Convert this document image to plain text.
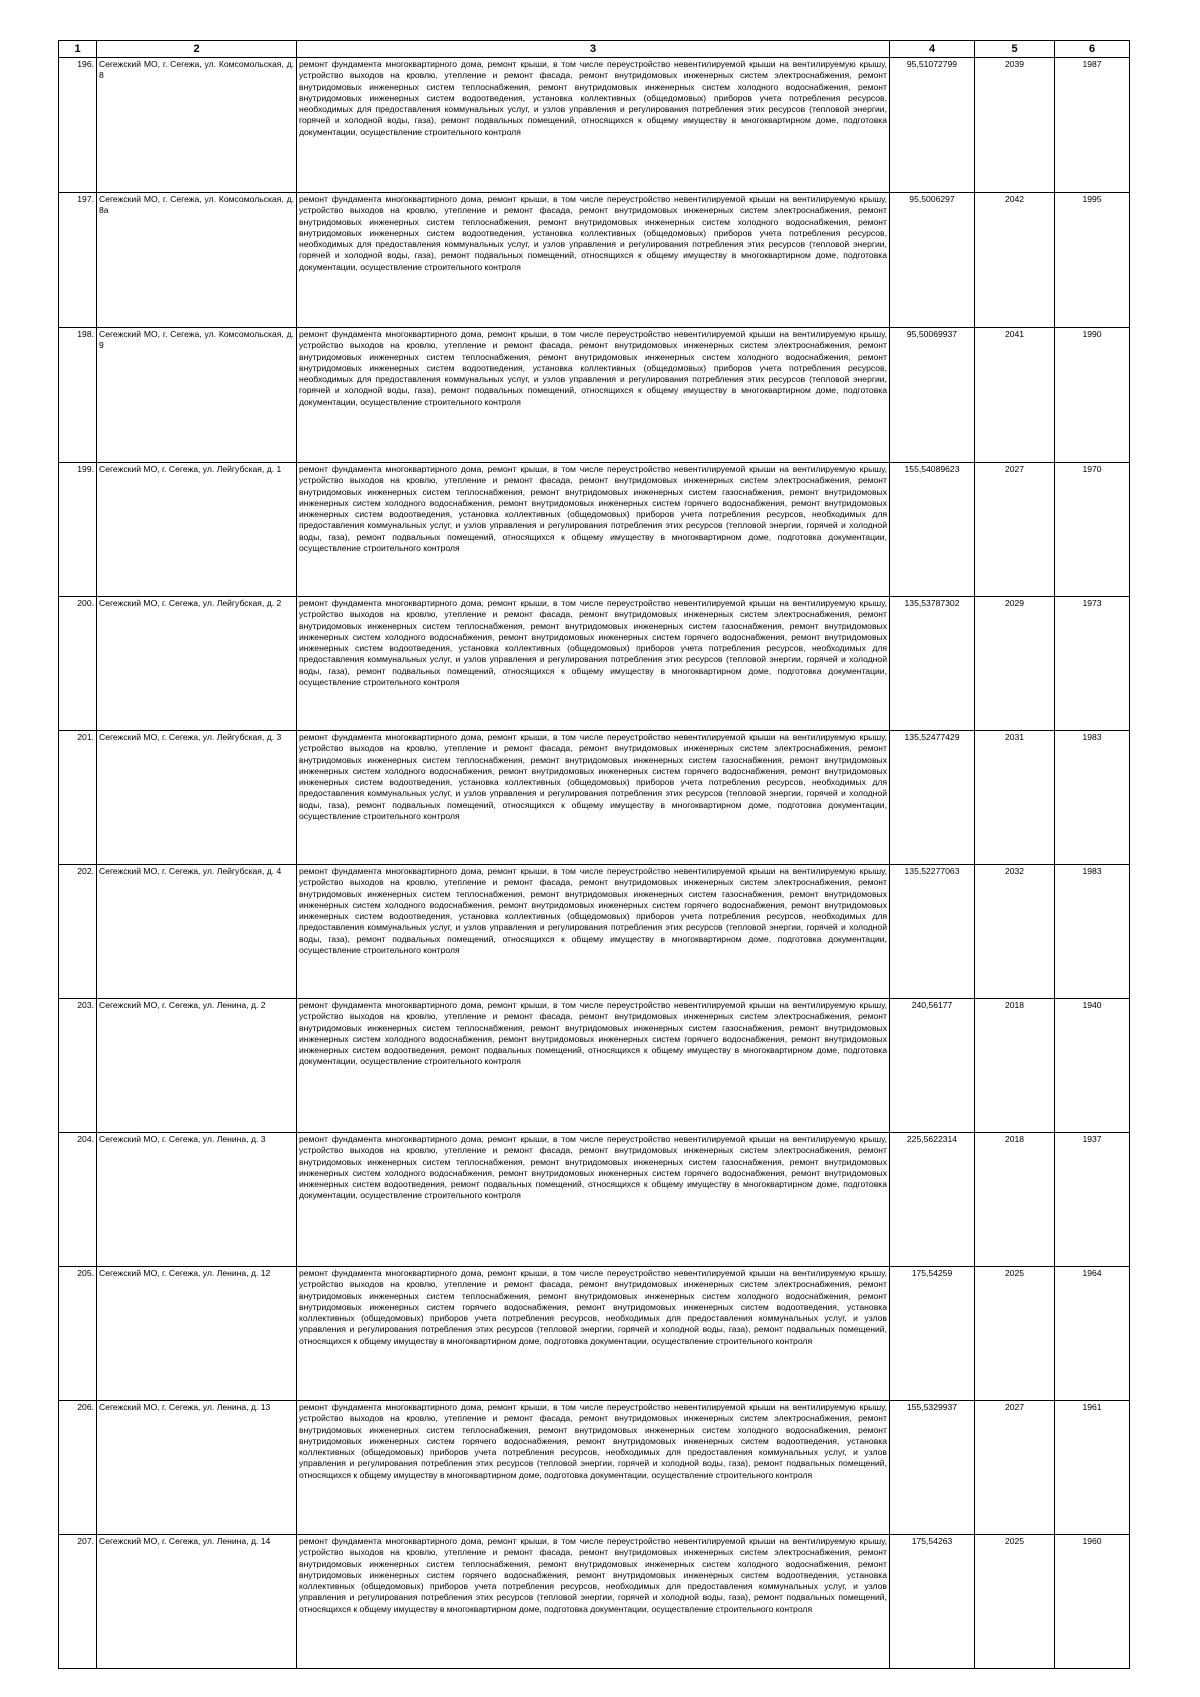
1	2	3	4	5	6
196.	Сегежский МО, г. Сегежа, ул. Комсомольская, д. 8	ремонт фундамента многоквартирного дома, ремонт крыши, в том числе переустройство невентилируемой крыши на вентилируемую крышу, устройство выходов на кровлю, утепление и ремонт фасада, ремонт внутридомовых инженерных систем электроснабжения, ремонт внутридомовых инженерных систем теплоснабжения, ремонт внутридомовых инженерных систем холодного водоснабжения, ремонт внутридомовых инженерных систем водоотведения, установка коллективных (общедомовых) приборов учета потребления ресурсов, необходимых для предоставления коммунальных услуг, и узлов управления и регулирования потребления этих ресурсов (тепловой энергии, горячей и холодной воды, газа), ремонт подвальных помещений, относящихся к общему имуществу в многоквартирном доме, подготовка документации, осуществление строительного контроля	95,51072799	2039	1987
197.	Сегежский МО, г. Сегежа, ул. Комсомольская, д. 8а	ремонт фундамента многоквартирного дома, ремонт крыши, в том числе переустройство невентилируемой крыши на вентилируемую крышу, устройство выходов на кровлю, утепление и ремонт фасада, ремонт внутридомовых инженерных систем электроснабжения, ремонт внутридомовых инженерных систем теплоснабжения, ремонт внутридомовых инженерных систем холодного водоснабжения, ремонт внутридомовых инженерных систем водоотведения, установка коллективных (общедомовых) приборов учета потребления ресурсов, необходимых для предоставления коммунальных услуг, и узлов управления и регулирования потребления этих ресурсов (тепловой энергии, горячей и холодной воды, газа), ремонт подвальных помещений, относящихся к общему имуществу в многоквартирном доме, подготовка документации, осуществление строительного контроля	95,5006297	2042	1995
198.	Сегежский МО, г. Сегежа, ул. Комсомольская, д. 9	ремонт фундамента многоквартирного дома, ремонт крыши, в том числе переустройство невентилируемой крыши на вентилируемую крышу, устройство выходов на кровлю, утепление и ремонт фасада, ремонт внутридомовых инженерных систем электроснабжения, ремонт внутридомовых инженерных систем теплоснабжения, ремонт внутридомовых инженерных систем холодного водоснабжения, ремонт внутридомовых инженерных систем водоотведения, установка коллективных (общедомовых) приборов учета потребления ресурсов, необходимых для предоставления коммунальных услуг, и узлов управления и регулирования потребления этих ресурсов (тепловой энергии, горячей и холодной воды, газа), ремонт подвальных помещений, относящихся к общему имуществу в многоквартирном доме, подготовка документации, осуществление строительного контроля	95,50069937	2041	1990
199.	Сегежский МО, г. Сегежа, ул. Лейгубская, д. 1	ремонт фундамента многоквартирного дома, ремонт крыши, в том числе переустройство невентилируемой крыши на вентилируемую крышу, устройство выходов на кровлю, утепление и ремонт фасада, ремонт внутридомовых инженерных систем электроснабжения, ремонт внутридомовых инженерных систем теплоснабжения, ремонт внутридомовых инженерных систем газоснабжения, ремонт внутридомовых инженерных систем холодного водоснабжения, ремонт внутридомовых инженерных систем горячего водоснабжения, ремонт внутридомовых инженерных систем водоотведения, установка коллективных (общедомовых) приборов учета потребления ресурсов, необходимых для предоставления коммунальных услуг, и узлов управления и регулирования потребления этих ресурсов (тепловой энергии, горячей и холодной воды, газа), ремонт подвальных помещений, относящихся к общему имуществу в многоквартирном доме, подготовка документации, осуществление строительного контроля	155,54089623	2027	1970
200.	Сегежский МО, г. Сегежа, ул. Лейгубская, д. 2	ремонт фундамента многоквартирного дома, ремонт крыши, в том числе переустройство невентилируемой крыши на вентилируемую крышу, устройство выходов на кровлю, утепление и ремонт фасада, ремонт внутридомовых инженерных систем электроснабжения, ремонт внутридомовых инженерных систем теплоснабжения, ремонт внутридомовых инженерных систем газоснабжения, ремонт внутридомовых инженерных систем холодного водоснабжения, ремонт внутридомовых инженерных систем горячего водоснабжения, ремонт внутридомовых инженерных систем водоотведения, установка коллективных (общедомовых) приборов учета потребления ресурсов, необходимых для предоставления коммунальных услуг, и узлов управления и регулирования потребления этих ресурсов (тепловой энергии, горячей и холодной воды, газа), ремонт подвальных помещений, относящихся к общему имуществу в многоквартирном доме, подготовка документации, осуществление строительного контроля	135,53787302	2029	1973
201.	Сегежский МО, г. Сегежа, ул. Лейгубская, д. 3	ремонт фундамента многоквартирного дома, ремонт крыши, в том числе переустройство невентилируемой крыши на вентилируемую крышу, устройство выходов на кровлю, утепление и ремонт фасада, ремонт внутридомовых инженерных систем электроснабжения, ремонт внутридомовых инженерных систем теплоснабжения, ремонт внутридомовых инженерных систем газоснабжения, ремонт внутридомовых инженерных систем холодного водоснабжения, ремонт внутридомовых инженерных систем горячего водоснабжения, ремонт внутридомовых инженерных систем водоотведения, установка коллективных (общедомовых) приборов учета потребления ресурсов, необходимых для предоставления коммунальных услуг, и узлов управления и регулирования потребления этих ресурсов (тепловой энергии, горячей и холодной воды, газа), ремонт подвальных помещений, относящихся к общему имуществу в многоквартирном доме, подготовка документации, осуществление строительного контроля	135,52477429	2031	1983
202.	Сегежский МО, г. Сегежа, ул. Лейгубская, д. 4	ремонт фундамента многоквартирного дома, ремонт крыши, в том числе переустройство невентилируемой крыши на вентилируемую крышу, устройство выходов на кровлю, утепление и ремонт фасада, ремонт внутридомовых инженерных систем электроснабжения, ремонт внутридомовых инженерных систем теплоснабжения, ремонт внутридомовых инженерных систем газоснабжения, ремонт внутридомовых инженерных систем холодного водоснабжения, ремонт внутридомовых инженерных систем горячего водоснабжения, ремонт внутридомовых инженерных систем водоотведения, установка коллективных (общедомовых) приборов учета потребления ресурсов, необходимых для предоставления коммунальных услуг, и узлов управления и регулирования потребления этих ресурсов (тепловой энергии, горячей и холодной воды, газа), ремонт подвальных помещений, относящихся к общему имуществу в многоквартирном доме, подготовка документации, осуществление строительного контроля	135,52277063	2032	1983
203.	Сегежский МО, г. Сегежа, ул. Ленина, д. 2	ремонт фундамента многоквартирного дома, ремонт крыши, в том числе переустройство невентилируемой крыши на вентилируемую крышу, устройство выходов на кровлю, утепление и ремонт фасада, ремонт внутридомовых инженерных систем электроснабжения, ремонт внутридомовых инженерных систем теплоснабжения, ремонт внутридомовых инженерных систем газоснабжения, ремонт внутридомовых инженерных систем холодного водоснабжения, ремонт внутридомовых инженерных систем горячего водоснабжения, ремонт внутридомовых инженерных систем водоотведения, ремонт подвальных помещений, относящихся к общему имуществу в многоквартирном доме, подготовка документации, осуществление строительного контроля	240,56177	2018	1940
204.	Сегежский МО, г. Сегежа, ул. Ленина, д. 3	ремонт фундамента многоквартирного дома, ремонт крыши, в том числе переустройство невентилируемой крыши на вентилируемую крышу, устройство выходов на кровлю, утепление и ремонт фасада, ремонт внутридомовых инженерных систем электроснабжения, ремонт внутридомовых инженерных систем теплоснабжения, ремонт внутридомовых инженерных систем газоснабжения, ремонт внутридомовых инженерных систем холодного водоснабжения, ремонт внутридомовых инженерных систем горячего водоснабжения, ремонт внутридомовых инженерных систем водоотведения, ремонт подвальных помещений, относящихся к общему имуществу в многоквартирном доме, подготовка документации, осуществление строительного контроля	225,5622314	2018	1937
205.	Сегежский МО, г. Сегежа, ул. Ленина, д. 12	ремонт фундамента многоквартирного дома, ремонт крыши, в том числе переустройство невентилируемой крыши на вентилируемую крышу, устройство выходов на кровлю, утепление и ремонт фасада, ремонт внутридомовых инженерных систем электроснабжения, ремонт внутридомовых инженерных систем теплоснабжения, ремонт внутридомовых инженерных систем холодного водоснабжения, ремонт внутридомовых инженерных систем горячего водоснабжения, ремонт внутридомовых инженерных систем водоотведения, установка коллективных (общедомовых) приборов учета потребления ресурсов, необходимых для предоставления коммунальных услуг, и узлов управления и регулирования потребления этих ресурсов (тепловой энергии, горячей и холодной воды, газа), ремонт подвальных помещений, относящихся к общему имуществу в многоквартирном доме, подготовка документации, осуществление строительного контроля	175,54259	2025	1964
206.	Сегежский МО, г. Сегежа, ул. Ленина, д. 13	ремонт фундамента многоквартирного дома, ремонт крыши, в том числе переустройство невентилируемой крыши на вентилируемую крышу, устройство выходов на кровлю, утепление и ремонт фасада, ремонт внутридомовых инженерных систем электроснабжения, ремонт внутридомовых инженерных систем теплоснабжения, ремонт внутридомовых инженерных систем холодного водоснабжения, ремонт внутридомовых инженерных систем горячего водоснабжения, ремонт внутридомовых инженерных систем водоотведения, установка коллективных (общедомовых) приборов учета потребления ресурсов, необходимых для предоставления коммунальных услуг, и узлов управления и регулирования потребления этих ресурсов (тепловой энергии, горячей и холодной воды, газа), ремонт подвальных помещений, относящихся к общему имуществу в многоквартирном доме, подготовка документации, осуществление строительного контроля	155,5329937	2027	1961
207.	Сегежский МО, г. Сегежа, ул. Ленина, д. 14	ремонт фундамента многоквартирного дома, ремонт крыши, в том числе переустройство невентилируемой крыши на вентилируемую крышу, устройство выходов на кровлю, утепление и ремонт фасада, ремонт внутридомовых инженерных систем электроснабжения, ремонт внутридомовых инженерных систем теплоснабжения, ремонт внутридомовых инженерных систем холодного водоснабжения, ремонт внутридомовых инженерных систем горячего водоснабжения, ремонт внутридомовых инженерных систем водоотведения, установка коллективных (общедомовых) приборов учета потребления ресурсов, необходимых для предоставления коммунальных услуг, и узлов управления и регулирования потребления этих ресурсов (тепловой энергии, горячей и холодной воды, газа), ремонт подвальных помещений, относящихся к общему имуществу в многоквартирном доме, подготовка документации, осуществление строительного контроля	175,54263	2025	1960
